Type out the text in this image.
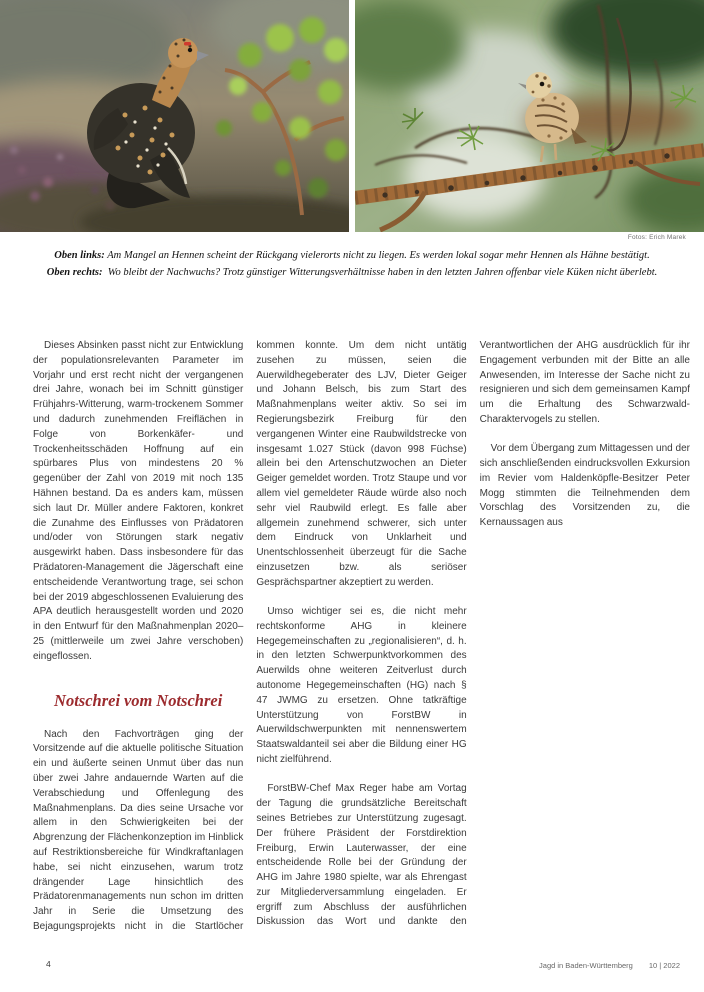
Fotos: Erich Marek
Oben links: Am Mangel an Hennen scheint der Rückgang vielerorts nicht zu liegen. Es werden lokal sogar mehr Hennen als Hähne bestätigt.
Oben rechts: Wo bleibt der Nachwuchs? Trotz günstiger Witterungsverhältnisse haben in den letzten Jahren offenbar viele Küken nicht überlebt.

Dieses Absinken passt nicht zur Entwicklung der populationsrelevanten Parameter im Vorjahr und erst recht nicht der vergangenen drei Jahre, wonach bei im Schnitt günstiger Frühjahrs-Witterung, warm-trockenem Sommer und dadurch zunehmenden Freiflächen in Folge von Borkenkäfer- und Trockenheitsschäden Hoffnung auf ein spürbares Plus von mindestens 20 % gegenüber der Zahl von 2019 mit noch 135 Hähnen bestand. Da es anders kam, müssen sich laut Dr. Müller andere Faktoren, konkret die Zunahme des Einflusses von Prädatoren und/oder von Störungen stark negativ ausgewirkt haben. Dass insbesondere für das Prädatoren-Management die Jägerschaft eine entscheidende Verantwortung trage, sei schon bei der 2019 abgeschlossenen Evaluierung des APA deutlich herausgestellt worden und 2020 in den Entwurf für den Maßnahmenplan 2020–25 (mittlerweile um zwei Jahre verschoben) eingeflossen.

Notschrei vom Notschrei

Nach den Fachvorträgen ging der Vorsitzende auf die aktuelle politische Situation ein und äußerte seinen Unmut über das nun über zwei Jahre andauernde Warten auf die Verabschiedung und Offenlegung des Maßnahmenplans. Da dies seine Ursache vor allem in den Schwierigkeiten bei der Abgrenzung der Flächenkonzeption im Hinblick auf Restriktionsbereiche für Windkraftanlagen habe, sei nicht einzusehen, warum trotz drängender Lage hinsichtlich des Prädatorenmanagements nun schon im dritten Jahr in Serie die Umsetzung des Bejagungsprojekts nicht in die Startlöcher kommen konnte. Um dem nicht untätig zusehen zu müssen, seien die Auerwildhegeberater des LJV, Dieter Geiger und Johann Belsch, bis zum Start des Maßnahmenplans weiter aktiv. So sei im Regierungsbezirk Freiburg für den vergangenen Winter eine Raubwildstrecke von insgesamt 1.027 Stück (davon 998 Füchse) allein bei den Artenschutzwochen an Dieter Geiger gemeldet worden. Trotz Staupe und vor allem viel gemeldeter Räude würde also noch sehr viel Raubwild erlegt. Es falle aber allgemein zunehmend schwerer, sich unter dem Eindruck von Unklarheit und Unentschlossenheit überzeugt für die Sache einzusetzen bzw. als seriöser Gesprächspartner akzeptiert zu werden.

Umso wichtiger sei es, die nicht mehr rechtskonforme AHG in kleinere Hegegemeinschaften zu „regionalisieren“, d. h. in den letzten Schwerpunktvorkommen des Auerwilds ohne weiteren Zeitverlust durch autonome Hegegemeinschaften (HG) nach § 47 JWMG zu ersetzen. Ohne tatkräftige Unterstützung von ForstBW in Auerwildschwerpunkten mit nennenswertem Staatswaldanteil sei aber die Bildung einer HG nicht zielführend.

ForstBW-Chef Max Reger habe am Vortag der Tagung die grundsätzliche Bereitschaft seines Betriebes zur Unterstützung zugesagt. Der frühere Präsident der Forstdirektion Freiburg, Erwin Lauterwasser, der eine entscheidende Rolle bei der Gründung der AHG im Jahre 1980 spielte, war als Ehrengast zur Mitgliederversammlung eingeladen. Er ergriff zum Abschluss der ausführlichen Diskussion das Wort und dankte den Verantwortlichen der AHG ausdrücklich für ihr Engagement verbunden mit der Bitte an alle Anwesenden, im Interesse der Sache nicht zu resignieren und sich dem gemeinsamen Kampf um die Erhaltung des Schwarzwald-Charaktervogels zu stellen.

Vor dem Übergang zum Mittagessen und der sich anschließenden eindrucksvollen Exkursion im Revier vom Haldenköpfle-Besitzer Peter Mogg stimmten die Teilnehmenden dem Vorschlag des Vorsitzenden zu, die Kernaussagen aus

4	Jagd in Baden-Württemberg 10 | 2022
